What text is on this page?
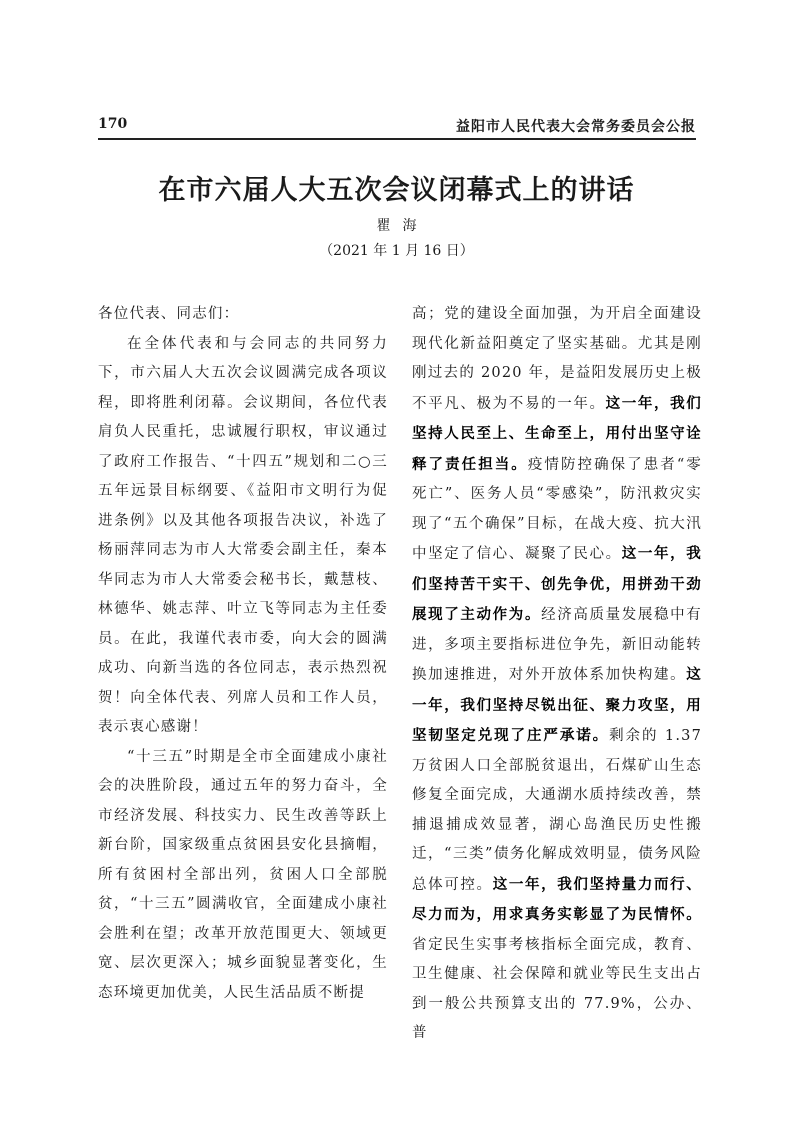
170	益阳市人民代表大会常务委员会公报
在市六届人大五次会议闭幕式上的讲话
瞿海
（2021 年 1 月 16 日）

各位代表、同志们：

在全体代表和与会同志的共同努力下，市六届人大五次会议圆满完成各项议程，即将胜利闭幕。会议期间，各位代表肩负人民重托，忠诚履行职权，审议通过了政府工作报告、“十四五”规划和二○三五年远景目标纲要、《益阳市文明行为促进条例》以及其他各项报告决议，补选了杨丽萍同志为市人大常委会副主任，秦本华同志为市人大常委会秘书长，戴慧枝、林德华、姚志萍、叶立飞等同志为主任委员。在此，我谨代表市委，向大会的圆满成功、向新当选的各位同志，表示热烈祝贺！向全体代表、列席人员和工作人员，表示衷心感谢！

“十三五”时期是全市全面建成小康社会的决胜阶段，通过五年的努力奋斗，全市经济发展、科技实力、民生改善等跃上新台阶，国家级重点贫困县安化县摘帽，所有贫困村全部出列，贫困人口全部脱贫，“十三五”圆满收官，全面建成小康社会胜利在望；改革开放范围更大、领域更宽、层次更深入；城乡面貌显著变化，生态环境更加优美，人民生活品质不断提

高；党的建设全面加强，为开启全面建设现代化新益阳奠定了坚实基础。尤其是刚刚过去的 2020 年，是益阳发展历史上极不平凡、极为不易的一年。这一年，我们坚持人民至上、生命至上，用付出坚守诠释了责任担当。疫情防控确保了患者“零死亡”、医务人员“零感染”，防汛救灾实现了“五个确保”目标，在战大疫、抗大汛中坚定了信心、凝聚了民心。这一年，我们坚持苦干实干、创先争优，用拼劲干劲展现了主动作为。经济高质量发展稳中有进，多项主要指标进位争先，新旧动能转换加速推进，对外开放体系加快构建。这一年，我们坚持尽锐出征、聚力攻坚，用坚韧坚定兑现了庄严承诺。剩余的 1.37 万贫困人口全部脱贫退出，石煤矿山生态修复全面完成，大通湖水质持续改善，禁捕退捕成效显著，湖心岛渔民历史性搬迁，“三类”债务化解成效明显，债务风险总体可控。这一年，我们坚持量力而行、尽力而为，用求真务实彰显了为民情怀。省定民生实事考核指标全面完成，教育、卫生健康、社会保障和就业等民生支出占到一般公共预算支出的 77.9%，公办、普
